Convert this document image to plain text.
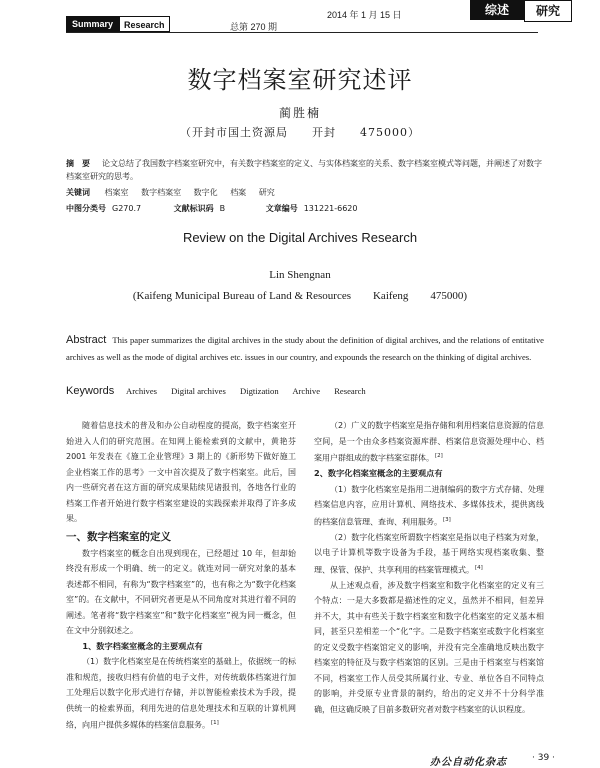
Summary	Research	总第 270 期
2014 年 1 月 15 日	综述	研究
数字档案室研究述评
蔺胜楠
（开封市国土资源局　　开封　　475000）
摘　要 论文总结了我国数字档案室研究中，有关数字档案室的定义、与实体档案室的关系、数字档案室模式等问题，并阐述了对数字档案室研究的思考。
关键词 档案室 数字档案室 数字化 档案 研究
中图分类号 G270.7	文献标识码 B	文章编号 131221-6620
Review on the Digital Archives Research
Lin Shengnan
(Kaifeng Municipal Bureau of Land & Resources　　Kaifeng　　475000)
Abstract This paper summarizes the digital archives in the study about the definition of digital archives, and the relations of entitative archives as well as the mode of digital archives etc. issues in our country, and expounds the research on the thinking of digital archives.
Keywords Archives Digital archives Digtization Archive Research

随着信息技术的普及和办公自动程度的提高，数字档案室开始进入人们的研究范围。在知网上能检索到的文献中，黄艳芬 2001 年发表在《施工企业管理》3 期上的《新形势下做好施工企业档案工作的思考》一文中首次提及了数字档案室。此后，国内一些研究者在这方面的研究成果陆续见诸报刊，各地各行业的档案工作者开始进行数字档案室建设的实践探索并取得了许多成果。

一、数字档案室的定义

数字档案室的概念自出现到现在，已经超过 10 年，但却始终没有形成一个明确、统一的定义。就连对同一研究对象的基本表述都不相同，有称为“数字档案室”的，也有称之为“数字化档案室”的。在文献中，不同研究者更是从不同角度对其进行着不同的阐述。笔者将“数字档案室”和“数字化档案室”视为同一概念，但在文中分别叙述之。

1、数字档案室概念的主要观点有

（1）数字化档案室是在传统档案室的基础上，依据统一的标准和规范，接收归档有价值的电子文件，对传统载体档案进行加工处理后以数字化形式进行存储，并以智能检索技术为手段，提供统一的检索界面，利用先进的信息处理技术和互联的计算机网络，向用户提供多媒体的档案信息服务。[1]

（2）广义的数字档案室是指存储和利用档案信息资源的信息空间，是一个由众多档案资源库群、档案信息资源处理中心、档案用户群组成的数字档案室群体。[2]

2、数字化档案室概念的主要观点有

（1）数字化档案室是指用二进制编码的数字方式存储、处理档案信息内容，应用计算机、网络技术、多媒体技术，提供离线的档案信息管理、查询、利用服务。[3]

（2）数字化档案室所谓数字档案室是指以电子档案为对象，以电子计算机等数字设备为手段，基于网络实现档案收集、整理、保管、保护、共享利用的档案管理模式。[4]

从上述观点看，涉及数字档案室和数字化档案室的定义有三个特点：一是大多数都是描述性的定义，虽然并不相同，但差异并不大，其中有些关于数字档案室和数字化档案室的定义基本相同，甚至只差相差一个“化”字。二是数字档案室或数字化档案室的定义受数字档案馆定义的影响，并没有完全准确地反映出数字档案室的特征及与数字档案馆的区别。三是由于档案室与档案馆不同，档案室工作人员受其所属行业、专业、单位各自不同特点的影响，并受原专业背景的制约，给出的定义并不十分科学准确，但这确反映了目前多数研究者对数字档案室的认识程度。

办公自动化杂志	· 39 ·
